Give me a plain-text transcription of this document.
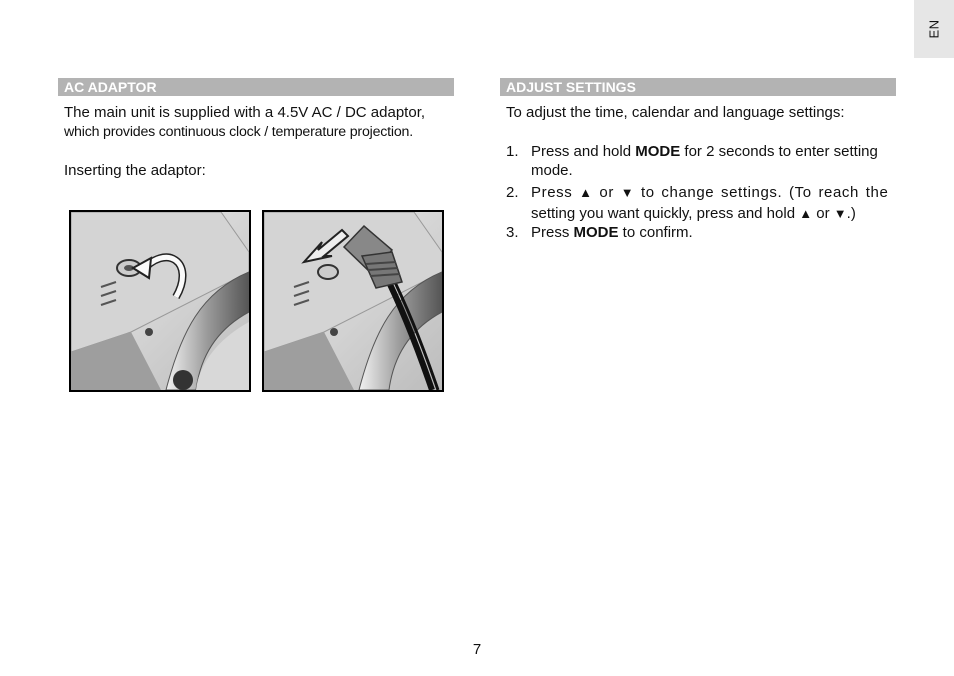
EN
AC ADAPTOR
The main unit is supplied with a 4.5V AC / DC adaptor,
which provides continuous clock / temperature projection.
Inserting the adaptor:
ADJUST SETTINGS
To adjust the time, calendar and language settings:
1. Press and hold MODE for 2 seconds to enter setting
mode.
2. Press ▲ or ▼ to change settings. (To reach the
setting you want quickly, press and hold ▲ or ▼.)
3. Press MODE to confirm.
7
